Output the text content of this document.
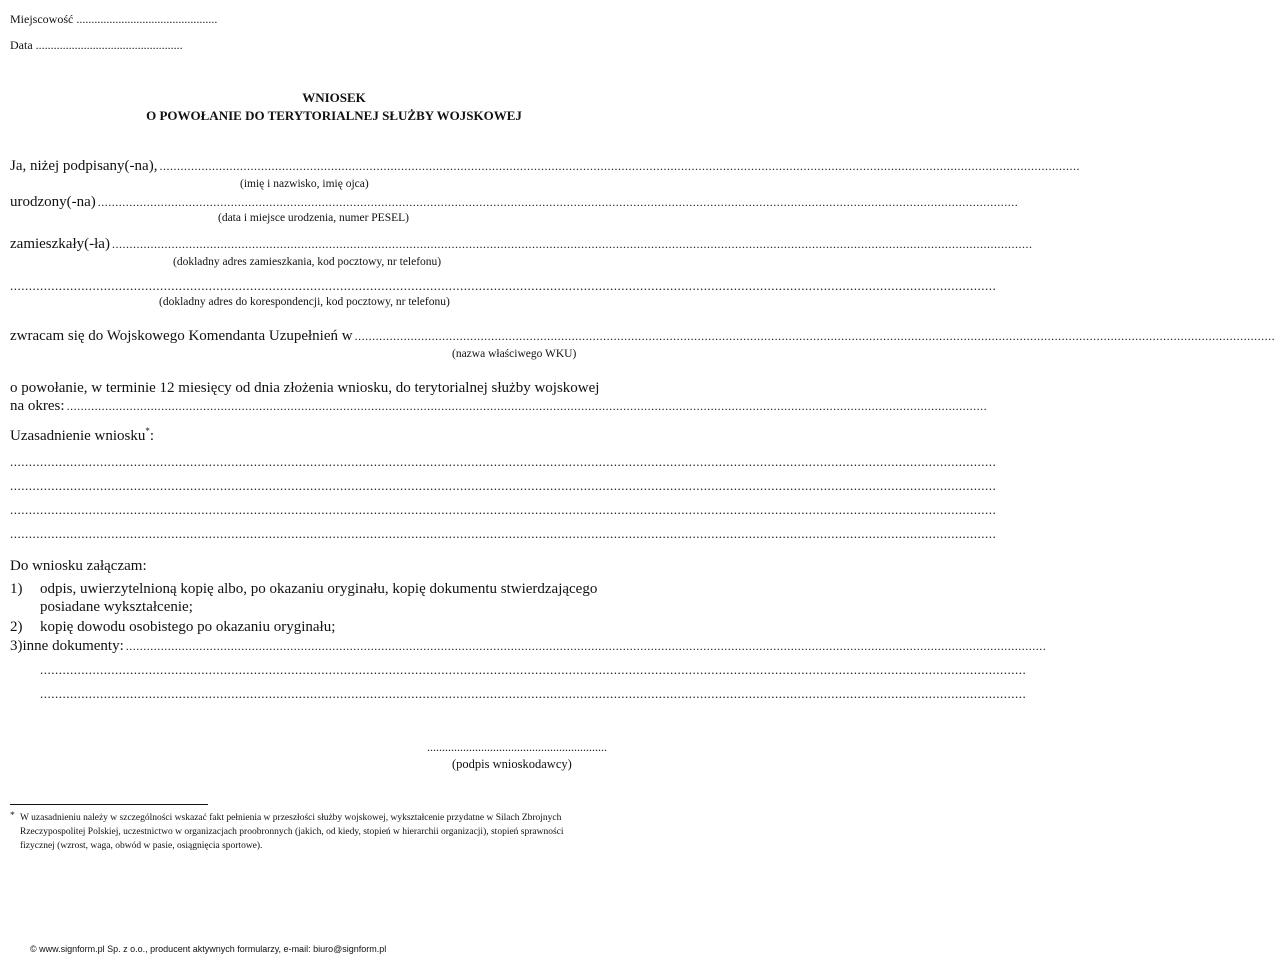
Miejscowość ...............................................
Data .................................................
WNIOSEK
O POWOŁANIE DO TERYTORIALNEJ SŁUŻBY WOJSKOWEJ
Ja, niżej podpisany(-na), .......................................................................................................................................................................................................................................................................
(imię i nazwisko, imię ojca)
urodzony(-na) .......................................................................................................................................................................................................................................................................
(data i miejsce urodzenia, numer PESEL)
zamieszkały(-ła) .......................................................................................................................................................................................................................................................................
(dokladny adres zamieszkania, kod pocztowy, nr telefonu)
.......................................................................................................................................................................................................................................................................
(dokladny adres do korespondencji, kod pocztowy, nr telefonu)
zwracam się do Wojskowego Komendanta Uzupełnień w .......................................................................................................................................................................................................................................................................
(nazwa właściwego WKU)
o powołanie, w terminie 12 miesięcy od dnia złożenia wniosku, do terytorialnej służby wojskowej
na okres: .......................................................................................................................................................................................................................................................................
Uzasadnienie wniosku*:
.......................................................................................................................................................................................................................................................................
.......................................................................................................................................................................................................................................................................
.......................................................................................................................................................................................................................................................................
.......................................................................................................................................................................................................................................................................
Do wniosku załączam:
1) odpis, uwierzytelnioną kopię albo, po okazaniu oryginału, kopię dokumentu stwierdzającego
posiadane wykształcenie;
2) kopię dowodu osobistego po okazaniu oryginału;
3) inne dokumenty: .......................................................................................................................................................................................................................................................................
.......................................................................................................................................................................................................................................................................
.......................................................................................................................................................................................................................................................................
............................................................
(podpis wnioskodawcy)
* W uzasadnieniu należy w szczególności wskazać fakt pełnienia w przeszłości służby wojskowej, wykształcenie przydatne w Silach Zbrojnych
Rzeczypospolitej Polskiej, uczestnictwo w organizacjach proobronnych (jakich, od kiedy, stopień w hierarchii organizacji), stopień sprawności
fizycznej (wzrost, waga, obwód w pasie, osiągnięcia sportowe).
© www.signform.pl Sp. z o.o., producent aktywnych formularzy, e-mail: biuro@signform.pl
